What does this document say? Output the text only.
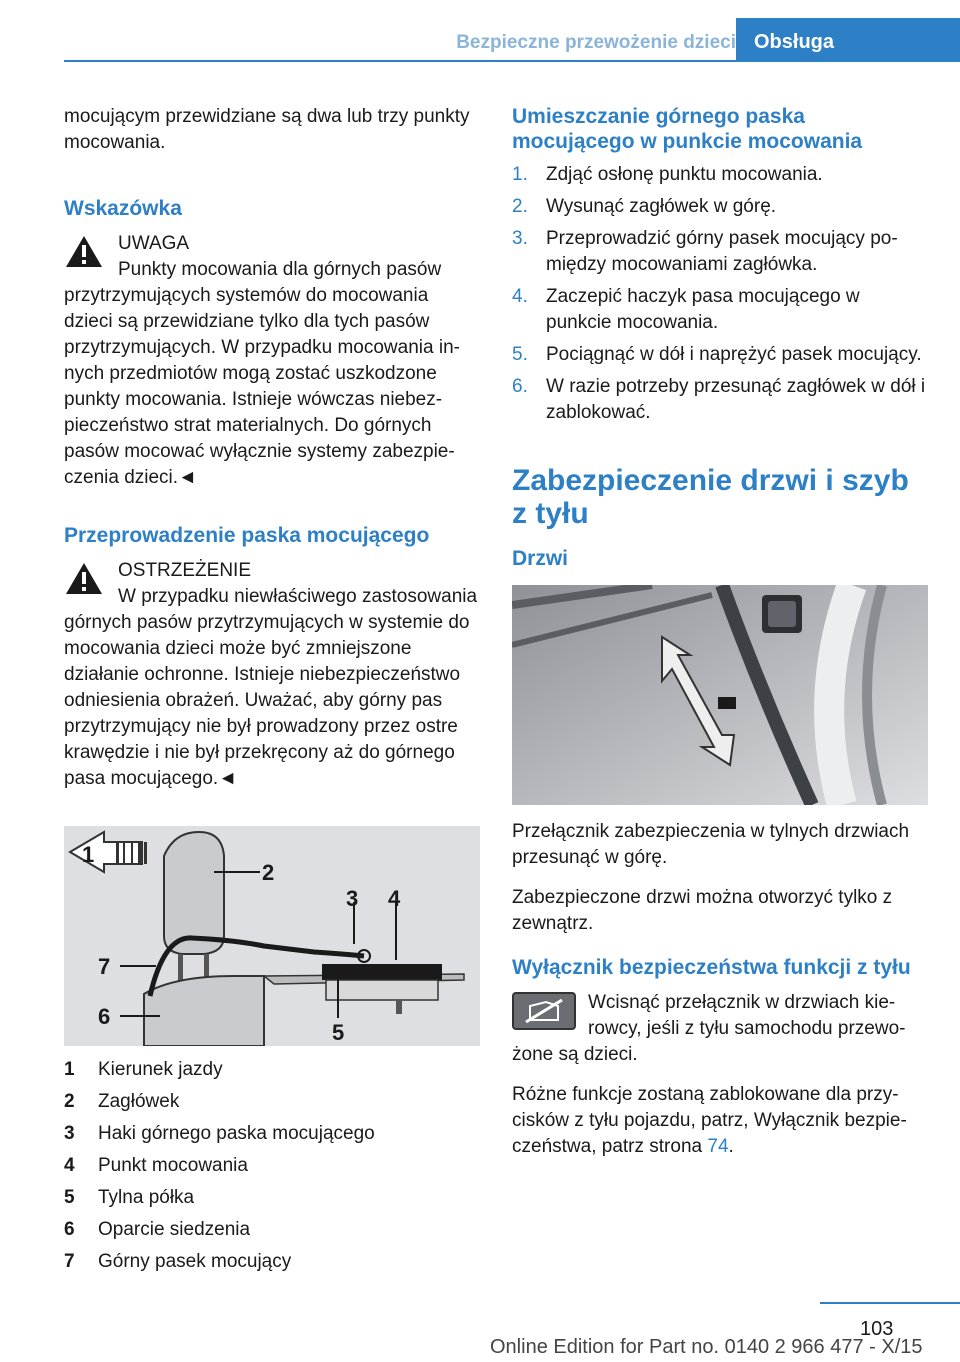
Bezpieczne przewożenie dzieci Obsługa

mocującym przewidziane są dwa lub trzy punkty mocowania.

Wskazówka

UWAGA

Punkty mocowania dla górnych pasów przytrzymujących systemów do mocowania dzieci są przewidziane tylko dla tych pasów przytrzymujących. W przypadku mocowania innych przedmiotów mogą zostać uszkodzone punkty mocowania. Istnieje wówczas niebezpieczeństwo strat materialnych. Do górnych pasów mocować wyłącznie systemy zabezpieczenia dzieci.◄

Przeprowadzenie paska mocującego

OSTRZEŻENIE

W przypadku niewłaściwego zastosowania górnych pasów przytrzymujących w systemie do mocowania dzieci może być zmniejszone działanie ochronne. Istnieje niebezpieczeństwo odniesienia obrażeń. Uważać, aby górny pas przytrzymujący nie był prowadzony przez ostre krawędzie i nie był przekręcony aż do górnego pasa mocującego.◄

1
2
3 4
5
6
7
1 Kierunek jazdy
2 Zagłówek
3 Haki górnego paska mocującego
4 Punkt mocowania
5 Tylna półka
6 Oparcie siedzenia
7 Górny pasek mocujący
Umieszczanie górnego paska mocującego w punkcie mocowania
1. Zdjąć osłonę punktu mocowania.
2. Wysunąć zagłówek w górę.
3. Przeprowadzić górny pasek mocujący pomiędzy mocowaniami zagłówka.
4. Zaczepić haczyk pasa mocującego w punkcie mocowania.
5. Pociągnąć w dół i naprężyć pasek mocujący.
6. W razie potrzeby przesunąć zagłówek w dół i zablokować.
Zabezpieczenie drzwi i szyb z tyłu
Drzwi

Przełącznik zabezpieczenia w tylnych drzwiach przesunąć w górę.

Zabezpieczone drzwi można otworzyć tylko z zewnątrz.

Wyłącznik bezpieczeństwa funkcji z tyłu

Wcisnąć przełącznik w drzwiach kierowcy, jeśli z tyłu samochodu przewożone są dzieci.

Różne funkcje zostaną zablokowane dla przycisków z tyłu pojazdu, patrz, Wyłącznik bezpieczeństwa, patrz strona 74.

103
Online Edition for Part no. 0140 2 966 477 - X/15
